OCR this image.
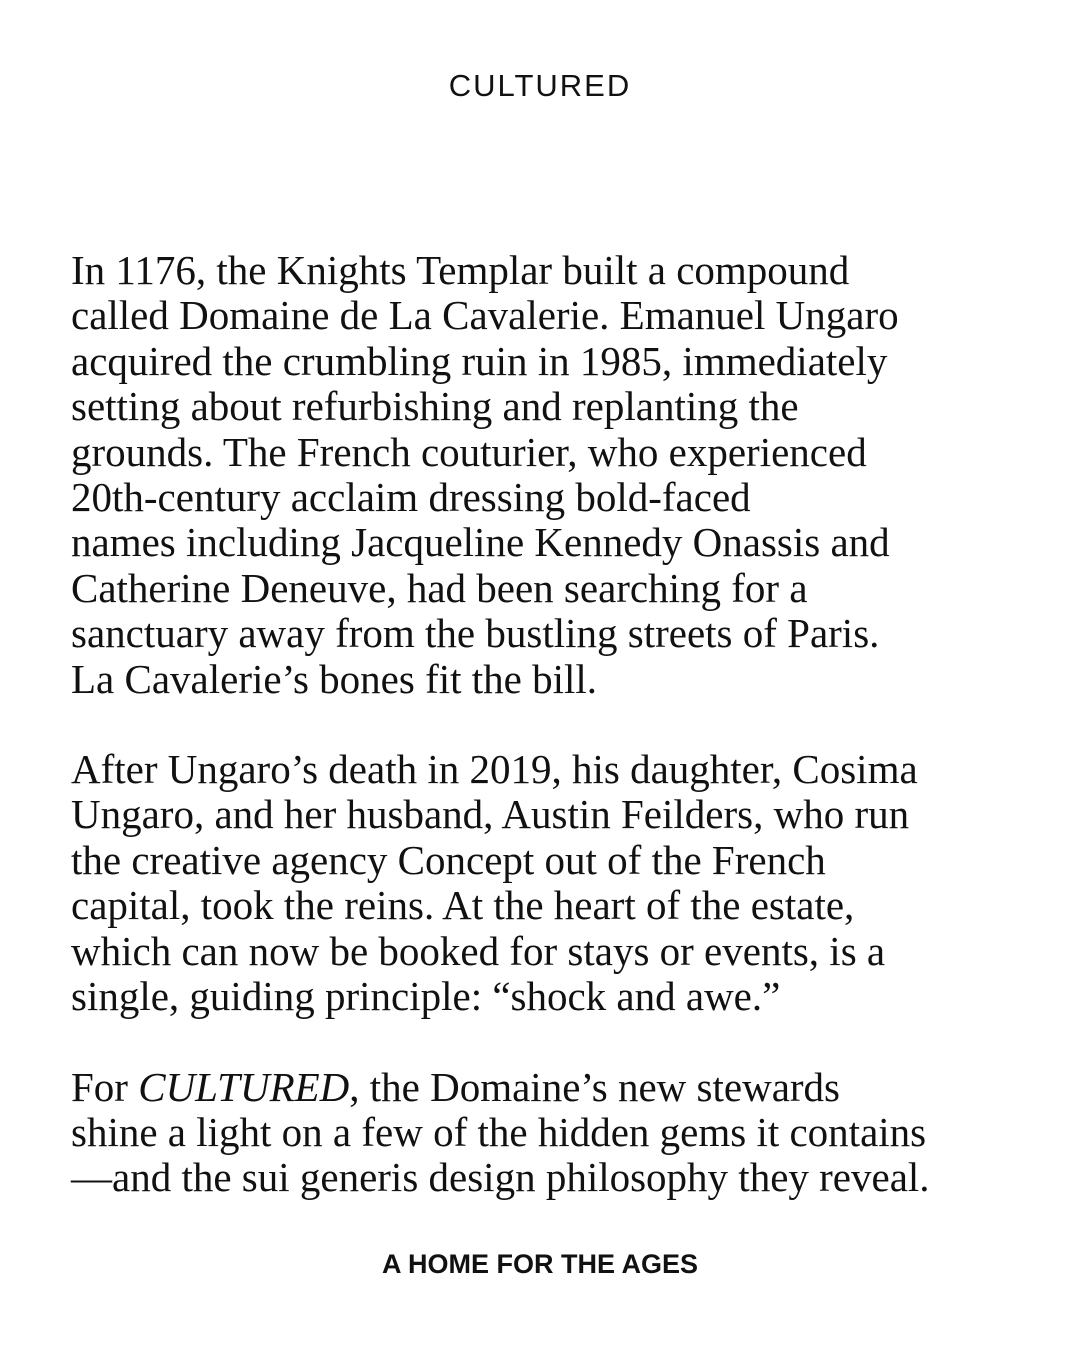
CULTURED

In 1176, the Knights Templar built a compound
called Domaine de La Cavalerie. Emanuel Ungaro
acquired the crumbling ruin in 1985, immediately
setting about refurbishing and replanting the
grounds. The French couturier, who experienced
20th-century acclaim dressing bold-faced
names including Jacqueline Kennedy Onassis and
Catherine Deneuve, had been searching for a
sanctuary away from the bustling streets of Paris.
La Cavalerie’s bones fit the bill.

After Ungaro’s death in 2019, his daughter, Cosima
Ungaro, and her husband, Austin Feilders, who run
the creative agency Concept out of the French
capital, took the reins. At the heart of the estate,
which can now be booked for stays or events, is a
single, guiding principle: “shock and awe.”

For CULTURED, the Domaine’s new stewards
shine a light on a few of the hidden gems it contains
—and the sui generis design philosophy they reveal.

A HOME FOR THE AGES
